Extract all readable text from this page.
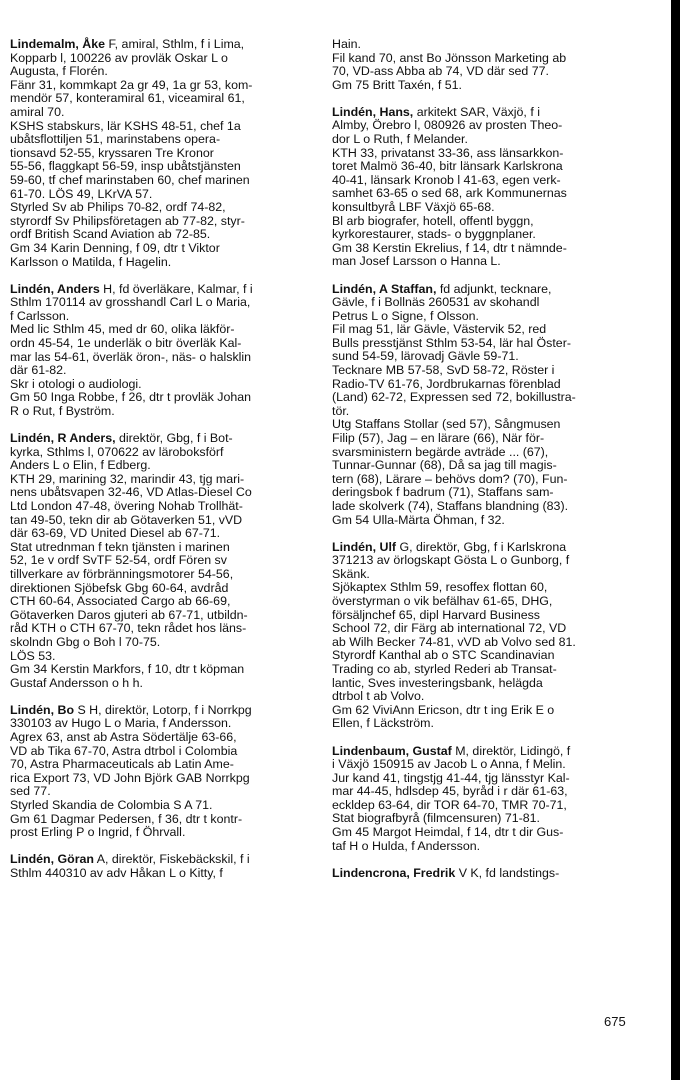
Lindemalm, Åke F, amiral, Sthlm, f i Lima,
Kopparb l, 100226 av provläk Oskar L o
Augusta, f Florén.
Fänr 31, kommkapt 2a gr 49, 1a gr 53, kom-
mendör 57, konteramiral 61, viceamiral 61,
amiral 70.
KSHS stabskurs, lär KSHS 48-51, chef 1a
ubåtsflottiljen 51, marinstabens opera-
tionsavd 52-55, kryssaren Tre Kronor
55-56, flaggkapt 56-59, insp ubåtstjänsten
59-60, tf chef marinstaben 60, chef marinen
61-70. LÖS 49, LKrVA 57.
Styrled Sv ab Philips 70-82, ordf 74-82,
styrordf Sv Philipsföretagen ab 77-82, styr-
ordf British Scand Aviation ab 72-85.
Gm 34 Karin Denning, f 09, dtr t Viktor
Karlsson o Matilda, f Hagelin.
Lindén, Anders H, fd överläkare, Kalmar, f i
Sthlm 170114 av grosshandl Carl L o Maria,
f Carlsson.
Med lic Sthlm 45, med dr 60, olika läkför-
ordn 45-54, 1e underläk o bitr överläk Kal-
mar las 54-61, överläk öron-, näs- o halsklin
där 61-82.
Skr i otologi o audiologi.
Gm 50 Inga Robbe, f 26, dtr t provläk Johan
R o Rut, f Byström.
Lindén, R Anders, direktör, Gbg, f i Bot-
kyrka, Sthlms l, 070622 av läroboksförf
Anders L o Elin, f Edberg.
KTH 29, marining 32, marindir 43, tjg mari-
nens ubåtsvapen 32-46, VD Atlas-Diesel Co
Ltd London 47-48, övering Nohab Trollhät-
tan 49-50, tekn dir ab Götaverken 51, vVD
där 63-69, VD United Diesel ab 67-71.
Stat utrednman f tekn tjänsten i marinen
52, 1e v ordf SvTF 52-54, ordf Fören sv
tillverkare av förbränningsmotorer 54-56,
direktionen Sjöbefsk Gbg 60-64, avdråd
CTH 60-64, Associated Cargo ab 66-69,
Götaverken Daros gjuteri ab 67-71, utbildn-
råd KTH o CTH 67-70, tekn rådet hos läns-
skolndn Gbg o Boh l 70-75.
LÖS 53.
Gm 34 Kerstin Markfors, f 10, dtr t köpman
Gustaf Andersson o h h.
Lindén, Bo S H, direktör, Lotorp, f i Norrkpg
330103 av Hugo L o Maria, f Andersson.
Agrex 63, anst ab Astra Södertälje 63-66,
VD ab Tika 67-70, Astra dtrbol i Colombia
70, Astra Pharmaceuticals ab Latin Ame-
rica Export 73, VD John Björk GAB Norrkpg
sed 77.
Styrled Skandia de Colombia S A 71.
Gm 61 Dagmar Pedersen, f 36, dtr t kontr-
prost Erling P o Ingrid, f Öhrvall.
Lindén, Göran A, direktör, Fiskebäckskil, f i
Sthlm 440310 av adv Håkan L o Kitty, f
Hain.
Fil kand 70, anst Bo Jönsson Marketing ab
70, VD-ass Abba ab 74, VD där sed 77.
Gm 75 Britt Taxén, f 51.
Lindén, Hans, arkitekt SAR, Växjö, f i
Almby, Örebro l, 080926 av prosten Theo-
dor L o Ruth, f Melander.
KTH 33, privatanst 33-36, ass länsarkkon-
toret Malmö 36-40, bitr länsark Karlskrona
40-41, länsark Kronob l 41-63, egen verk-
samhet 63-65 o sed 68, ark Kommunernas
konsultbyrå LBF Växjö 65-68.
Bl arb biografer, hotell, offentl byggn,
kyrkorestaurer, stads- o byggnplaner.
Gm 38 Kerstin Ekrelius, f 14, dtr t nämnde-
man Josef Larsson o Hanna L.
Lindén, A Staffan, fd adjunkt, tecknare,
Gävle, f i Bollnäs 260531 av skohandl
Petrus L o Signe, f Olsson.
Fil mag 51, lär Gävle, Västervik 52, red
Bulls presstjänst Sthlm 53-54, lär hal Öster-
sund 54-59, lärovadj Gävle 59-71.
Tecknare MB 57-58, SvD 58-72, Röster i
Radio-TV 61-76, Jordbrukarnas förenblad
(Land) 62-72, Expressen sed 72, bokillustra-
tör.
Utg Staffans Stollar (sed 57), Sångmusen
Filip (57), Jag – en lärare (66), När för-
svarsministern begärde avträde ... (67),
Tunnar-Gunnar (68), Då sa jag till magis-
tern (68), Lärare – behövs dom? (70), Fun-
deringsbok f badrum (71), Staffans sam-
lade skolverk (74), Staffans blandning (83).
Gm 54 Ulla-Märta Öhman, f 32.
Lindén, Ulf G, direktör, Gbg, f i Karlskrona
371213 av örlogskapt Gösta L o Gunborg, f
Skänk.
Sjökaptex Sthlm 59, resoffex flottan 60,
överstyrman o vik befälhav 61-65, DHG,
försäljnchef 65, dipl Harvard Business
School 72, dir Färg ab international 72, VD
ab Wilh Becker 74-81, vVD ab Volvo sed 81.
Styrordf Kanthal ab o STC Scandinavian
Trading co ab, styrled Rederi ab Transat-
lantic, Sves investeringsbank, helägda
dtrbol t ab Volvo.
Gm 62 ViviAnn Ericson, dtr t ing Erik E o
Ellen, f Läckström.
Lindenbaum, Gustaf M, direktör, Lidingö, f
i Växjö 150915 av Jacob L o Anna, f Melin.
Jur kand 41, tingstjg 41-44, tjg länsstyr Kal-
mar 44-45, hdlsdep 45, byråd i r där 61-63,
eckldep 63-64, dir TOR 64-70, TMR 70-71,
Stat biografbyrå (filmcensuren) 71-81.
Gm 45 Margot Heimdal, f 14, dtr t dir Gus-
taf H o Hulda, f Andersson.
Lindencrona, Fredrik V K, fd landstings-
675
